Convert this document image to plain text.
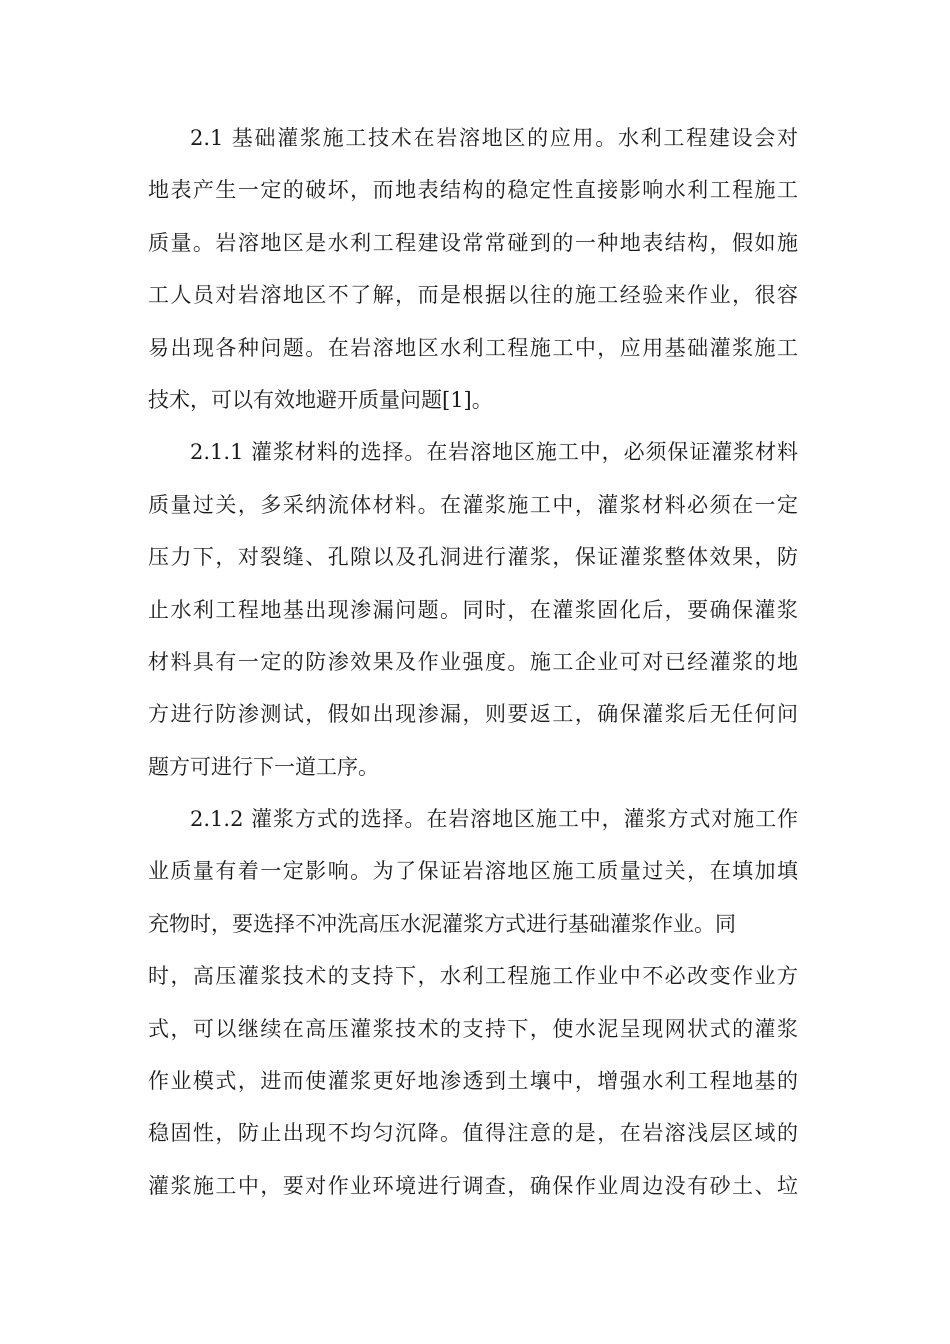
2.1 基础灌浆施工技术在岩溶地区的应用。水利工程建设会对
地表产生一定的破坏，而地表结构的稳定性直接影响水利工程施工
质量。岩溶地区是水利工程建设常常碰到的一种地表结构，假如施
工人员对岩溶地区不了解，而是根据以往的施工经验来作业，很容
易出现各种问题。在岩溶地区水利工程施工中，应用基础灌浆施工
技术，可以有效地避开质量问题[1]。
2.1.1 灌浆材料的选择。在岩溶地区施工中，必须保证灌浆材料
质量过关，多采纳流体材料。在灌浆施工中，灌浆材料必须在一定
压力下，对裂缝、孔隙以及孔洞进行灌浆，保证灌浆整体效果，防
止水利工程地基出现渗漏问题。同时，在灌浆固化后，要确保灌浆
材料具有一定的防渗效果及作业强度。施工企业可对已经灌浆的地
方进行防渗测试，假如出现渗漏，则要返工，确保灌浆后无任何问
题方可进行下一道工序。
2.1.2 灌浆方式的选择。在岩溶地区施工中，灌浆方式对施工作
业质量有着一定影响。为了保证岩溶地区施工质量过关，在填加填
充物时，要选择不冲洗高压水泥灌浆方式进行基础灌浆作业。同
时，高压灌浆技术的支持下，水利工程施工作业中不必改变作业方
式，可以继续在高压灌浆技术的支持下，使水泥呈现网状式的灌浆
作业模式，进而使灌浆更好地渗透到土壤中，增强水利工程地基的
稳固性，防止出现不均匀沉降。值得注意的是，在岩溶浅层区域的
灌浆施工中，要对作业环境进行调查，确保作业周边没有砂土、垃
